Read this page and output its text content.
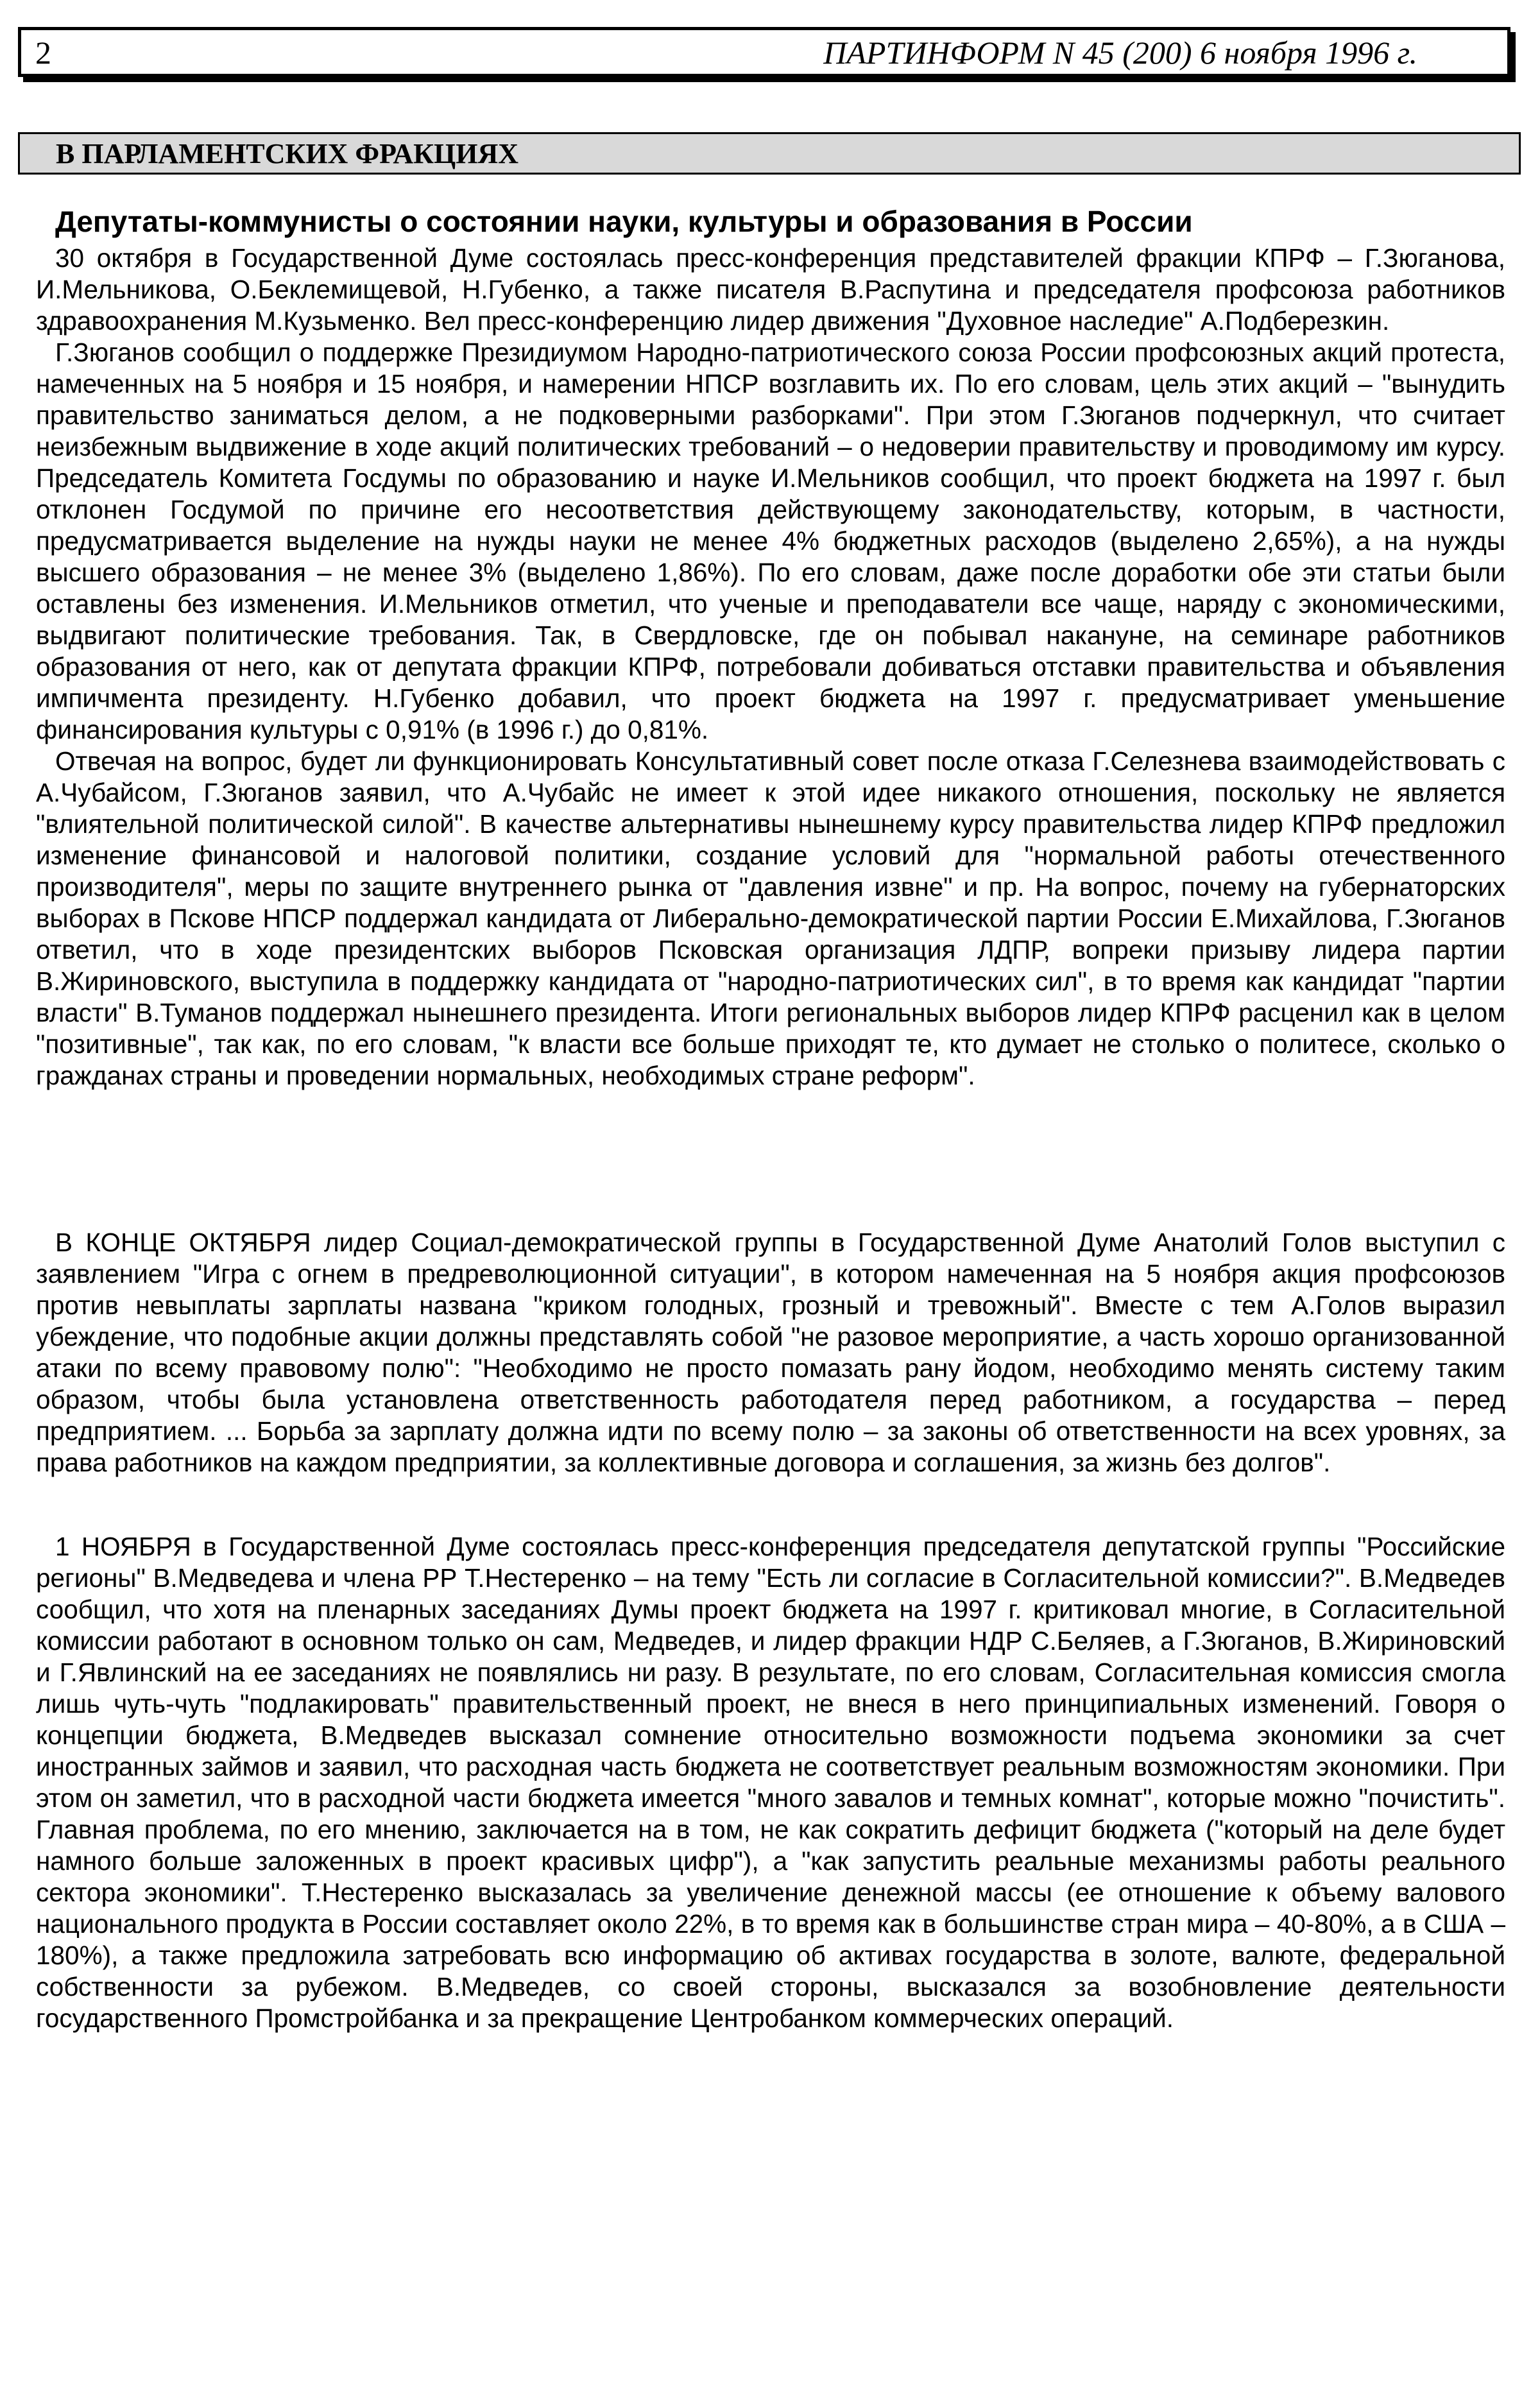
2	ПАРТИНФОРМ N 45 (200) 6 ноября 1996 г.
В ПАРЛАМЕНТСКИХ ФРАКЦИЯХ
Депутаты-коммунисты о состоянии науки, культуры и образования в России

30 октября в Государственной Думе состоялась пресс-конференция представителей фракции КПРФ – Г.Зюганова, И.Мельникова, О.Беклемищевой, Н.Губенко, а также писателя В.Распутина и председателя профсоюза работников здравоохранения М.Кузьменко. Вел пресс-конференцию лидер движения "Духовное наследие" А.Подберезкин.

Г.Зюганов сообщил о поддержке Президиумом Народно-патриотического союза России профсоюзных акций протеста, намеченных на 5 ноября и 15 ноября, и намерении НПСР возглавить их. По его словам, цель этих акций – "вынудить правительство заниматься делом, а не подковерными разборками". При этом Г.Зюганов подчеркнул, что считает неизбежным выдвижение в ходе акций политических требований – о недоверии правительству и проводимому им курсу. Председатель Комитета Госдумы по образованию и науке И.Мельников сообщил, что проект бюджета на 1997 г. был отклонен Госдумой по причине его несоответствия действующему законодательству, которым, в частности, предусматривается выделение на нужды науки не менее 4% бюджетных расходов (выделено 2,65%), а на нужды высшего образования – не менее 3% (выделено 1,86%). По его словам, даже после доработки обе эти статьи были оставлены без изменения. И.Мельников отметил, что ученые и преподаватели все чаще, наряду с экономическими, выдвигают политические требования. Так, в Свердловске, где он побывал накануне, на семинаре работников образования от него, как от депутата фракции КПРФ, потребовали добиваться отставки правительства и объявления импичмента президенту. Н.Губенко добавил, что проект бюджета на 1997 г. предусматривает уменьшение финансирования культуры с 0,91% (в 1996 г.) до 0,81%.

Отвечая на вопрос, будет ли функционировать Консультативный совет после отказа Г.Селезнева взаимодействовать с А.Чубайсом, Г.Зюганов заявил, что А.Чубайс не имеет к этой идее никакого отношения, поскольку не является "влиятельной политической силой". В качестве альтернативы нынешнему курсу правительства лидер КПРФ предложил изменение финансовой и налоговой политики, создание условий для "нормальной работы отечественного производителя", меры по защите внутреннего рынка от "давления извне" и пр. На вопрос, почему на губернаторских выборах в Пскове НПСР поддержал кандидата от Либерально-демократической партии России Е.Михайлова, Г.Зюганов ответил, что в ходе президентских выборов Псковская организация ЛДПР, вопреки призыву лидера партии В.Жириновского, выступила в поддержку кандидата от "народно-патриотических сил", в то время как кандидат "партии власти" В.Туманов поддержал нынешнего президента. Итоги региональных выборов лидер КПРФ расценил как в целом "позитивные", так как, по его словам, "к власти все больше приходят те, кто думает не столько о политесе, сколько о гражданах страны и проведении нормальных, необходимых стране реформ".

В КОНЦЕ ОКТЯБРЯ лидер Социал-демократической группы в Государственной Думе Анатолий Голов выступил с заявлением "Игра с огнем в предреволюционной ситуации", в котором намеченная на 5 ноября акция профсоюзов против невыплаты зарплаты названа "криком голодных, грозный и тревожный". Вместе с тем А.Голов выразил убеждение, что подобные акции должны представлять собой "не разовое мероприятие, а часть хорошо организованной атаки по всему правовому полю": "Необходимо не просто помазать рану йодом, необходимо менять систему таким образом, чтобы была установлена ответственность работодателя перед работником, а государства – перед предприятием. ... Борьба за зарплату должна идти по всему полю – за законы об ответственности на всех уровнях, за права работников на каждом предприятии, за коллективные договора и соглашения, за жизнь без долгов".

1 НОЯБРЯ в Государственной Думе состоялась пресс-конференция председателя депутатской группы "Российские регионы" В.Медведева и члена РР Т.Нестеренко – на тему "Есть ли согласие в Согласительной комиссии?". В.Медведев сообщил, что хотя на пленарных заседаниях Думы проект бюджета на 1997 г. критиковал многие, в Согласительной комиссии работают в основном только он сам, Медведев, и лидер фракции НДР С.Беляев, а Г.Зюганов, В.Жириновский и Г.Явлинский на ее заседаниях не появлялись ни разу. В результате, по его словам, Согласительная комиссия смогла лишь чуть-чуть "подлакировать" правительственный проект, не внеся в него принципиальных изменений. Говоря о концепции бюджета, В.Медведев высказал сомнение относительно возможности подъема экономики за счет иностранных займов и заявил, что расходная часть бюджета не соответствует реальным возможностям экономики. При этом он заметил, что в расходной части бюджета имеется "много завалов и темных комнат", которые можно "почистить". Главная проблема, по его мнению, заключается на в том, не как сократить дефицит бюджета ("который на деле будет намного больше заложенных в проект красивых цифр"), а "как запустить реальные механизмы работы реального сектора экономики". Т.Нестеренко высказалась за увеличение денежной массы (ее отношение к объему валового национального продукта в России составляет около 22%, в то время как в большинстве стран мира – 40-80%, а в США – 180%), а также предложила затребовать всю информацию об активах государства в золоте, валюте, федеральной собственности за рубежом. В.Медведев, со своей стороны, высказался за возобновление деятельности государственного Промстройбанка и за прекращение Центробанком коммерческих операций.
